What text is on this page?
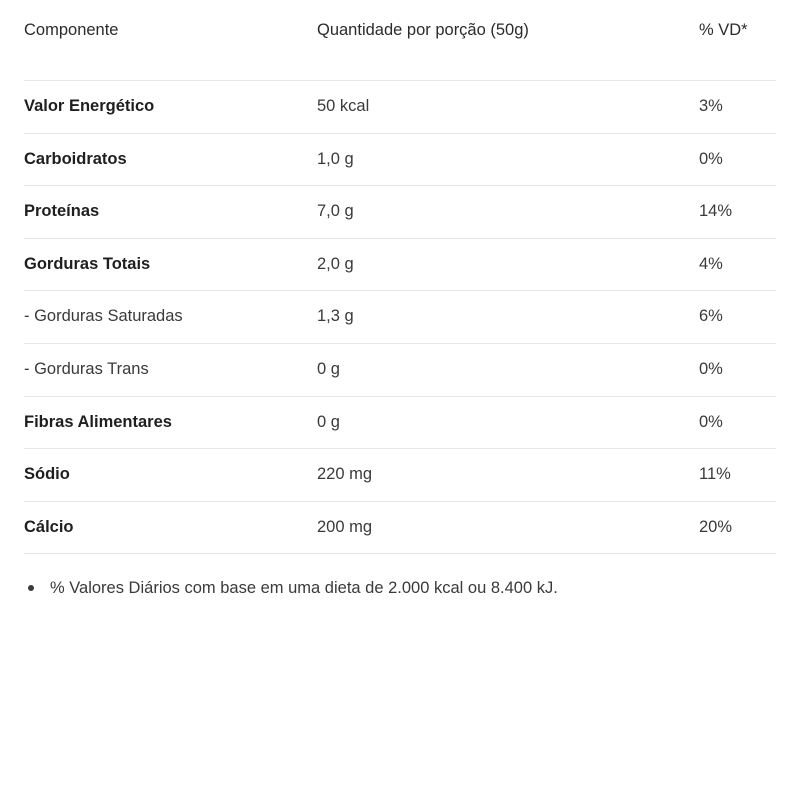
Componente	Quantidade por porção (50g)	% VD*
Valor Energético	50 kcal	3%
Carboidratos	1,0 g	0%
Proteínas	7,0 g	14%
Gorduras Totais	2,0 g	4%
- Gorduras Saturadas	1,3 g	6%
- Gorduras Trans	0 g	0%
Fibras Alimentares	0 g	0%
Sódio	220 mg	11%
Cálcio	200 mg	20%
% Valores Diários com base em uma dieta de 2.000 kcal ou 8.400 kJ.
